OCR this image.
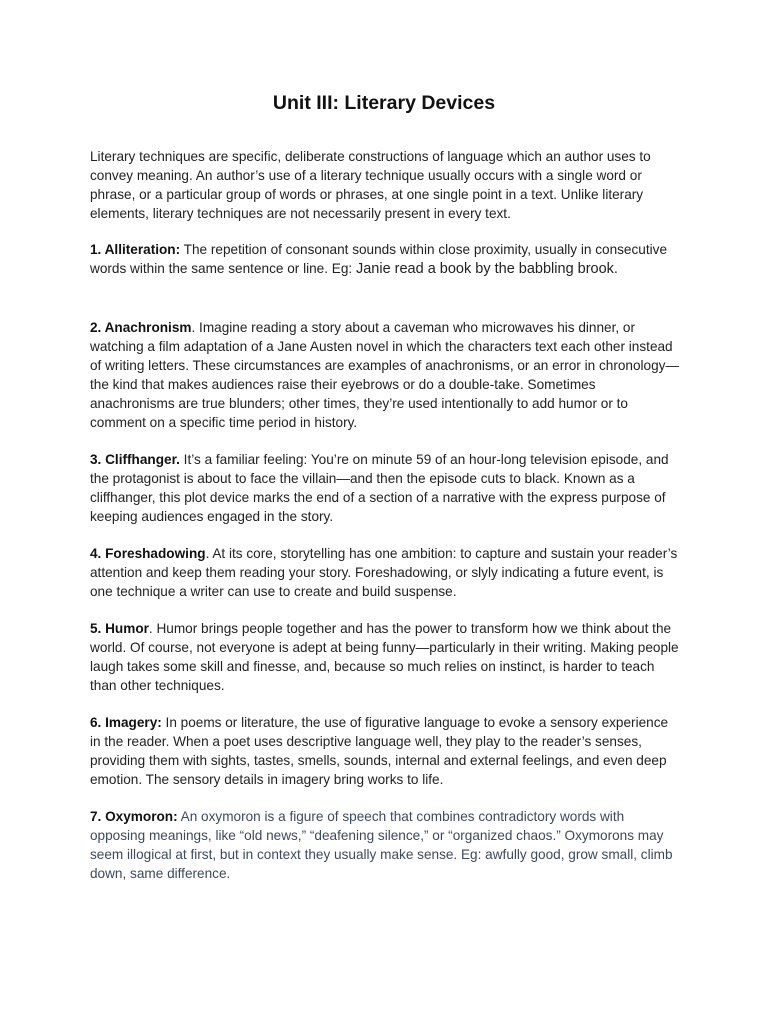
Unit III: Literary Devices

Literary techniques are specific, deliberate constructions of language which an author uses to convey meaning. An author’s use of a literary technique usually occurs with a single word or phrase, or a particular group of words or phrases, at one single point in a text. Unlike literary elements, literary techniques are not necessarily present in every text.

1. Alliteration: The repetition of consonant sounds within close proximity, usually in consecutive words within the same sentence or line. Eg: Janie read a book by the babbling brook.

2. Anachronism. Imagine reading a story about a caveman who microwaves his dinner, or watching a film adaptation of a Jane Austen novel in which the characters text each other instead of writing letters. These circumstances are examples of anachronisms, or an error in chronology—the kind that makes audiences raise their eyebrows or do a double-take. Sometimes anachronisms are true blunders; other times, they’re used intentionally to add humor or to comment on a specific time period in history.

3. Cliffhanger. It’s a familiar feeling: You’re on minute 59 of an hour-long television episode, and the protagonist is about to face the villain—and then the episode cuts to black. Known as a cliffhanger, this plot device marks the end of a section of a narrative with the express purpose of keeping audiences engaged in the story.

4. Foreshadowing. At its core, storytelling has one ambition: to capture and sustain your reader’s attention and keep them reading your story. Foreshadowing, or slyly indicating a future event, is one technique a writer can use to create and build suspense.

5. Humor. Humor brings people together and has the power to transform how we think about the world. Of course, not everyone is adept at being funny—particularly in their writing. Making people laugh takes some skill and finesse, and, because so much relies on instinct, is harder to teach than other techniques.

6. Imagery: In poems or literature, the use of figurative language to evoke a sensory experience in the reader. When a poet uses descriptive language well, they play to the reader’s senses, providing them with sights, tastes, smells, sounds, internal and external feelings, and even deep emotion. The sensory details in imagery bring works to life.

7. Oxymoron: An oxymoron is a figure of speech that combines contradictory words with opposing meanings, like “old news,” “deafening silence,” or “organized chaos.” Oxymorons may seem illogical at first, but in context they usually make sense. Eg: awfully good, grow small, climb down, same difference.
